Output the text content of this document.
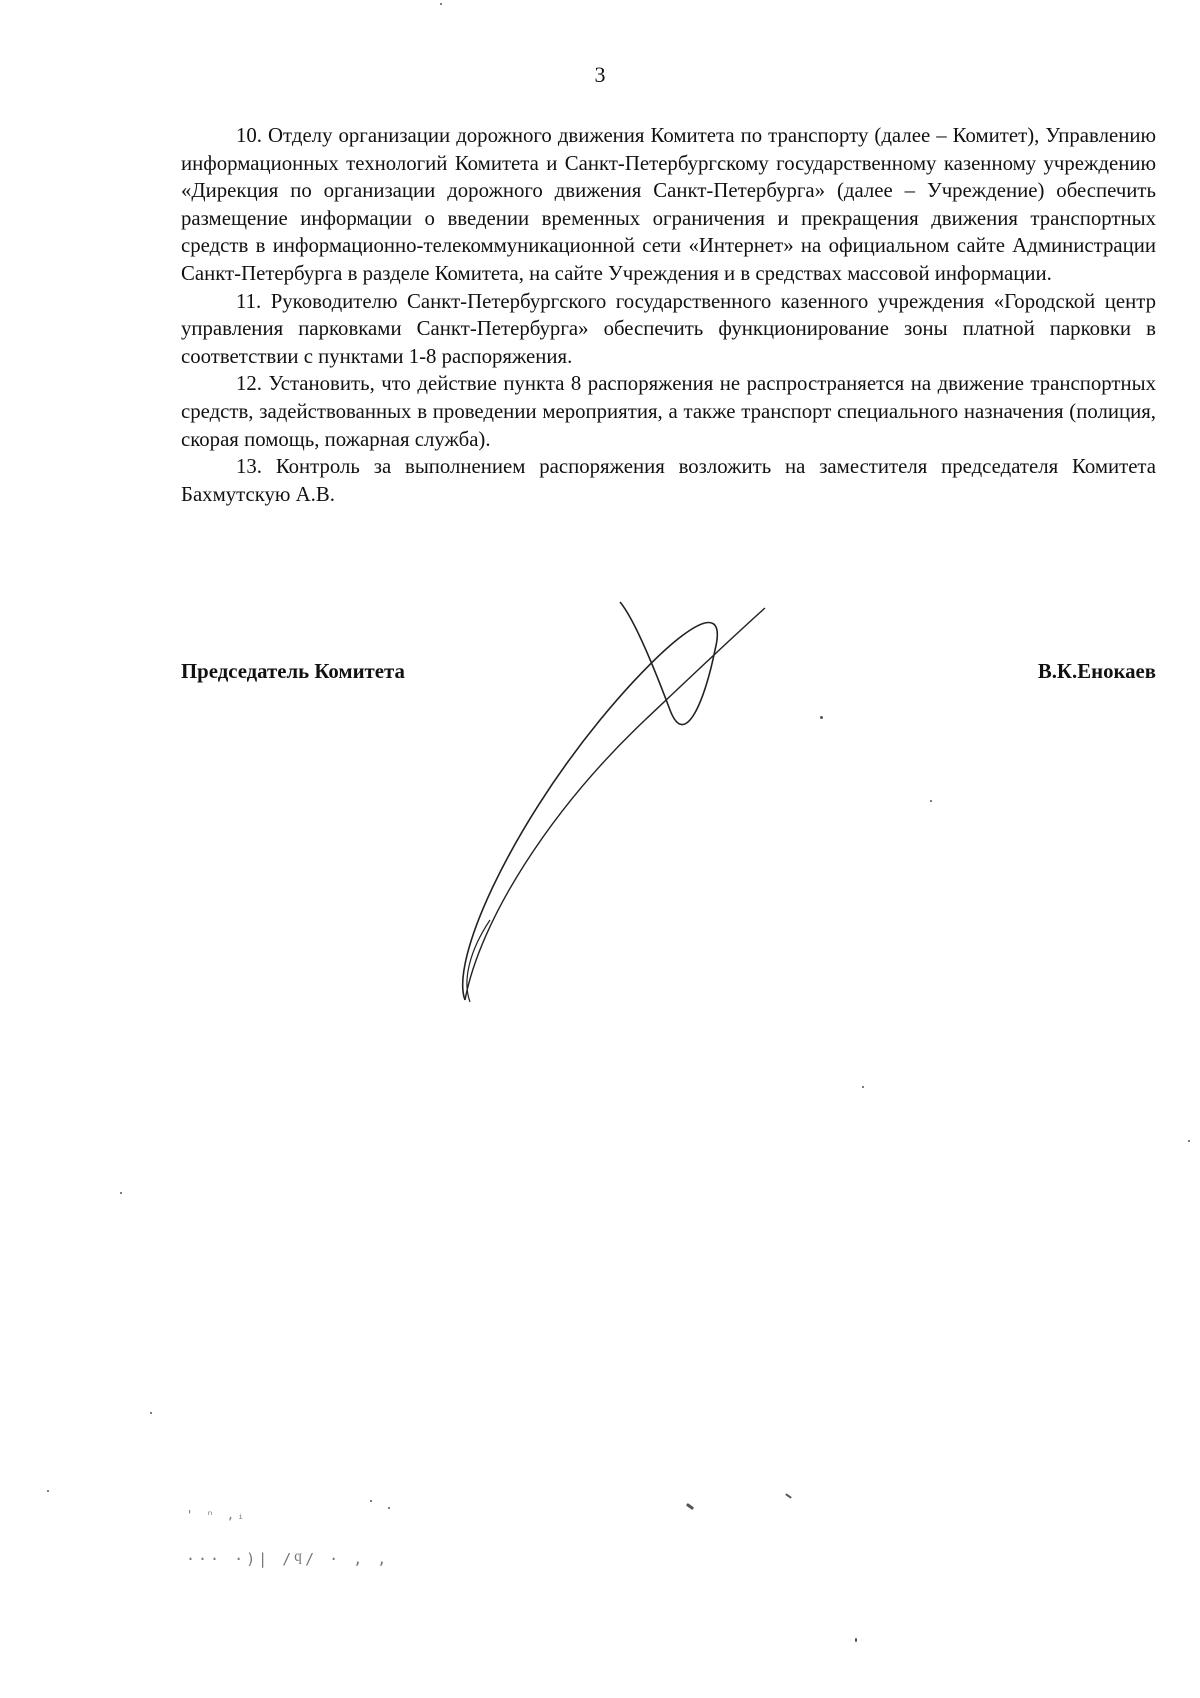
3

10. Отделу организации дорожного движения Комитета по транспорту (далее – Комитет), Управлению информационных технологий Комитета и Санкт-Петербургскому государственному казенному учреждению «Дирекция по организации дорожного движения Санкт-Петербурга» (далее – Учреждение) обеспечить размещение информации о введении временных ограничения и прекращения движения транспортных средств в информационно-телекоммуникационной сети «Интернет» на официальном сайте Администрации Санкт-Петербурга в разделе Комитета, на сайте Учреждения и в средствах массовой информации.

11. Руководителю Санкт-Петербургского государственного казенного учреждения «Городской центр управления парковками Санкт-Петербурга» обеспечить функционирование зоны платной парковки в соответствии с пунктами 1-8 распоряжения.

12. Установить, что действие пункта 8 распоряжения не распространяется на движение транспортных средств, задействованных в проведении мероприятия, а также транспорт специального назначения (полиция, скорая помощь, пожарная служба).

13. Контроль за выполнением распоряжения возложить на заместителя председателя Комитета Бахмутскую А.В.

Председатель Комитета	В.К.Енокаев
' ⁿ ‚ᵢ
··· ·)| /ϥ/ · ‚ ‚
